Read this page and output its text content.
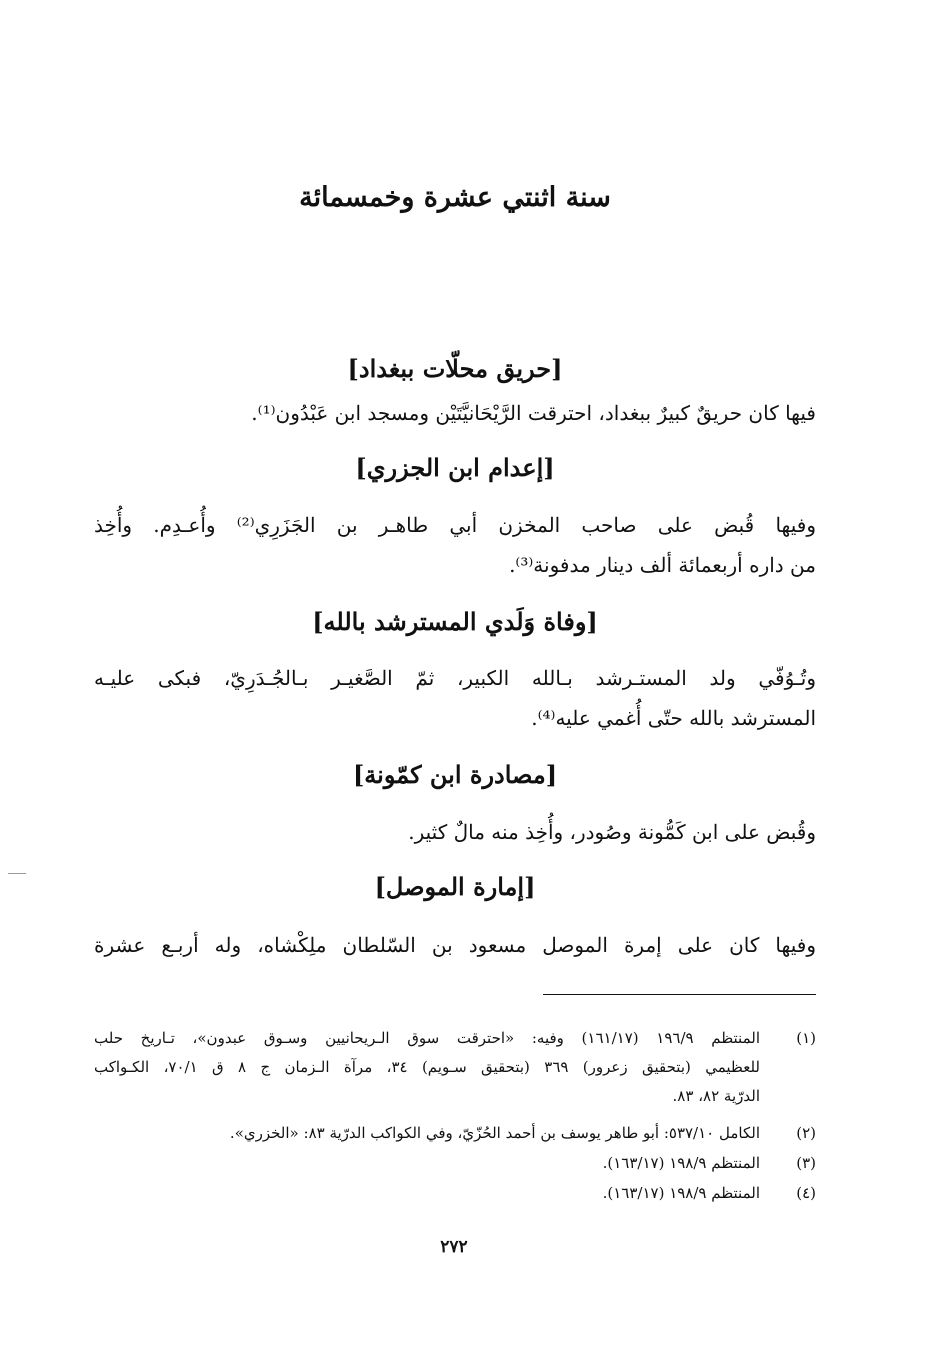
سنة اثنتي عشرة وخمسمائة
[حريق محلّات ببغداد]
فيها كان حريقٌ كبيرٌ ببغداد، احترقت الرَّيْحَانيَّتَيْن ومسجد ابن عَبْدُون⁽¹⁾.
[إعدام ابن الجزري]
وفيها قُبض على صاحب المخزن أبي طاهـر بن الجَزَرِي⁽²⁾ وأُعـدِم. وأُخِذ
من داره أربعمائة ألف دينار مدفونة⁽³⁾.
[وفاة وَلَدي المسترشد بالله]
وتُـوُفّي ولد المستـرشد بـالله الكبير، ثمّ الصَّغيـر بـالجُـدَرِيّ، فبكى عليـه
المسترشد بالله حتّى أُغمي عليه⁽⁴⁾.
[مصادرة ابن كمّونة]
وقُبض على ابن كَمُّونة وصُودر، وأُخِذ منه مالٌ كثير.
[إمارة الموصل]
وفيها كان على إمرة الموصل مسعود بن السّلطان ملِكْشاه، وله أربـع عشرة
(١)
المنتظم ١٩٦/٩ (١٦١/١٧) وفيه: «احترقت سوق الـريحانيين وسـوق عبدون»، تـاريخ حلب
للعظيمي (بتحقيق زعرور) ٣٦٩ (بتحقيق سـويم) ٣٤، مرآة الـزمان ج ٨ ق ٧٠/١، الكـواكب
الدرّية ٨٢، ٨٣.
(٢)
الكامل ٥٣٧/١٠: أبو طاهر يوسف بن أحمد الحُزّيّ، وفي الكواكب الدرّية ٨٣: «الخزري».
(٣)
المنتظم ١٩٨/٩ (١٦٣/١٧).
(٤)
المنتظم ١٩٨/٩ (١٦٣/١٧).
٢٧٢
